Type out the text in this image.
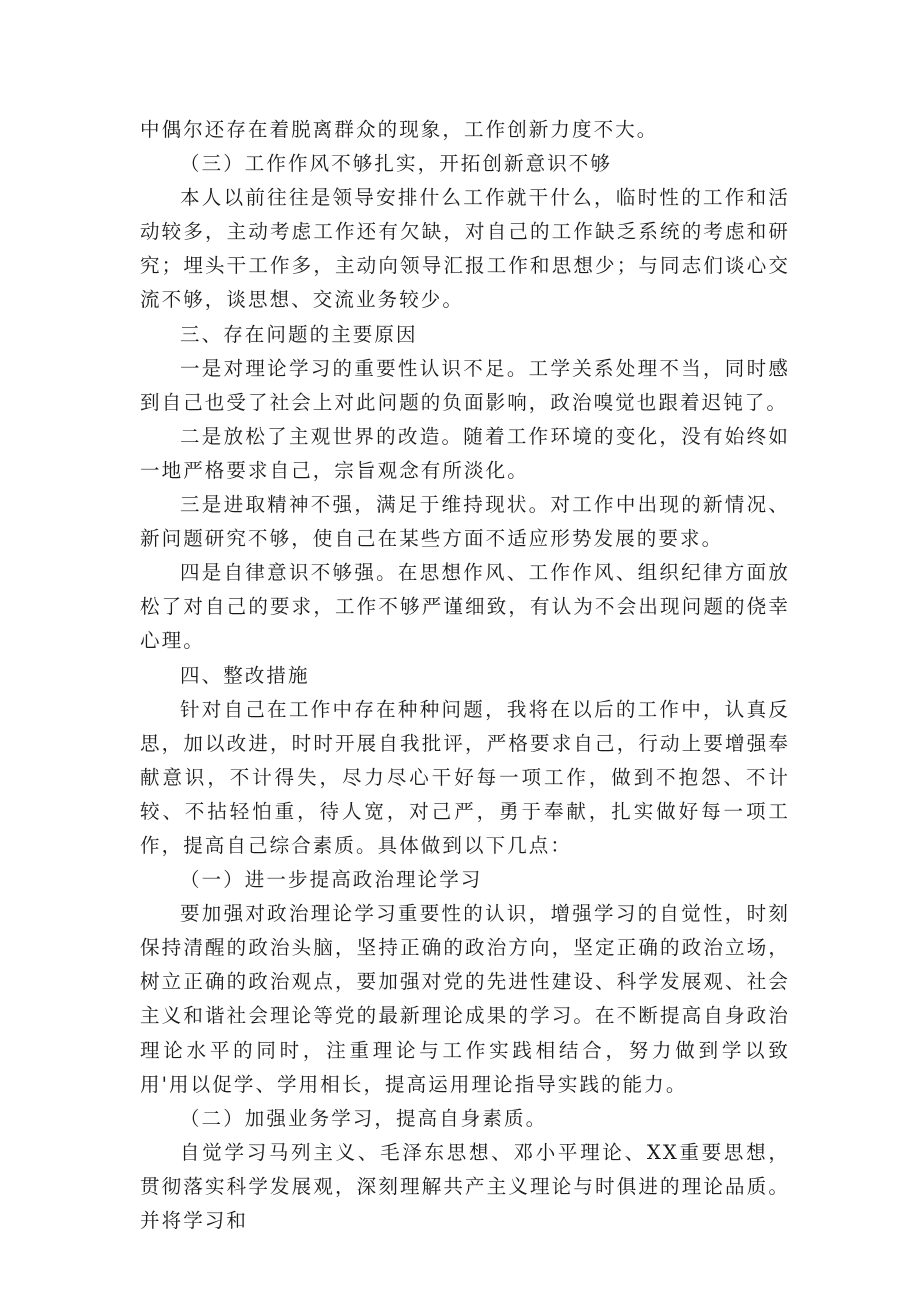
中偶尔还存在着脱离群众的现象，工作创新力度不大。

（三）工作作风不够扎实，开拓创新意识不够

本人以前往往是领导安排什么工作就干什么，临时性的工作和活动较多，主动考虑工作还有欠缺，对自己的工作缺乏系统的考虑和研究；埋头干工作多，主动向领导汇报工作和思想少；与同志们谈心交流不够，谈思想、交流业务较少。

三、存在问题的主要原因

一是对理论学习的重要性认识不足。工学关系处理不当，同时感到自己也受了社会上对此问题的负面影响，政治嗅觉也跟着迟钝了。

二是放松了主观世界的改造。随着工作环境的变化，没有始终如一地严格要求自己，宗旨观念有所淡化。

三是进取精神不强，满足于维持现状。对工作中出现的新情况、新问题研究不够，使自己在某些方面不适应形势发展的要求。

四是自律意识不够强。在思想作风、工作作风、组织纪律方面放松了对自己的要求，工作不够严谨细致，有认为不会出现问题的侥幸心理。

四、整改措施

针对自己在工作中存在种种问题，我将在以后的工作中，认真反思，加以改进，时时开展自我批评，严格要求自己，行动上要增强奉献意识，不计得失，尽力尽心干好每一项工作，做到不抱怨、不计较、不拈轻怕重，待人宽，对己严，勇于奉献，扎实做好每一项工作，提高自己综合素质。具体做到以下几点：

（一）进一步提高政治理论学习

要加强对政治理论学习重要性的认识，增强学习的自觉性，时刻保持清醒的政治头脑，坚持正确的政治方向，坚定正确的政治立场，树立正确的政治观点，要加强对党的先进性建设、科学发展观、社会主义和谐社会理论等党的最新理论成果的学习。在不断提高自身政治理论水平的同时，注重理论与工作实践相结合，努力做到学以致用'用以促学、学用相长，提高运用理论指导实践的能力。

（二）加强业务学习，提高自身素质。

自觉学习马列主义、毛泽东思想、邓小平理论、XX重要思想，贯彻落实科学发展观，深刻理解共产主义理论与时俱进的理论品质。并将学习和
